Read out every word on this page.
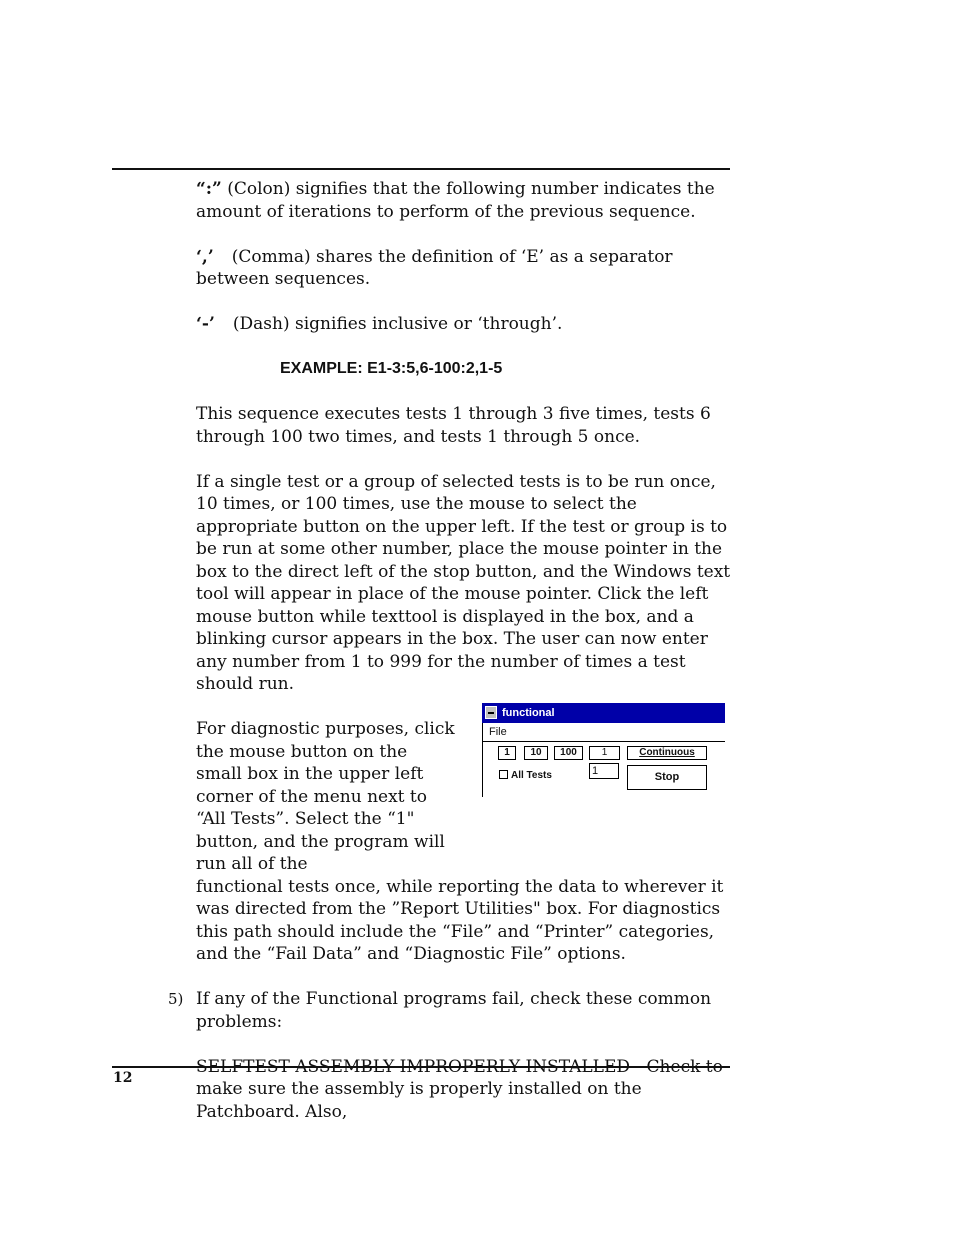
“:” (Colon) signifies that the following number indicates the amount of iterations to perform of the previous sequence.

‘,’ (Comma) shares the definition of ‘E’ as a separator between sequences.

‘-’ (Dash) signifies inclusive or ‘through’.

EXAMPLE: E1-3:5,6-100:2,1-5

This sequence executes tests 1 through 3 five times, tests 6 through 100 two times, and tests 1 through 5 once.

If a single test or a group of selected tests is to be run once, 10 times, or 100 times, use the mouse to select the appropriate button on the upper left. If the test or group is to be run at some other number, place the mouse pointer in the box to the direct left of the stop button, and the Windows text tool will appear in place of the mouse pointer. Click the left mouse button while texttool is displayed in the box, and a blinking cursor appears in the box. The user can now enter any number from 1 to 999 for the number of times a test should run.

For diagnostic purposes, click the mouse button on the small box in the upper left corner of the menu next to “All Tests”. Select the “1" button, and the program will run all of the
functional tests once, while reporting the data to wherever it was directed from the ”Report Utilities" box. For diagnostics this path should include the “File” and “Printer” categories, and the “Fail Data” and “Diagnostic File” options.

5) If any of the Functional programs fail, check these common problems:

SELFTEST ASSEMBLY IMPROPERLY INSTALLED - Check to make sure the assembly is properly installed on the Patchboard. Also,

functional
File
1	10	100	1
1
Continuous
Stop
All Tests
12
